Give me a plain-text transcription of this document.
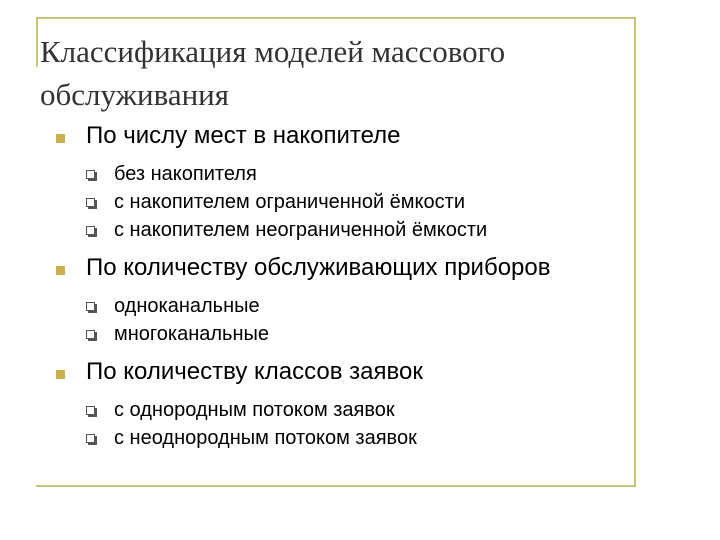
Классификация моделей массового обслуживания
По числу мест в накопителе
без накопителя
с накопителем ограниченной ёмкости
с накопителем неограниченной ёмкости
По количеству обслуживающих приборов
одноканальные
многоканальные
По количеству классов заявок
с однородным потоком заявок
с неоднородным потоком заявок
